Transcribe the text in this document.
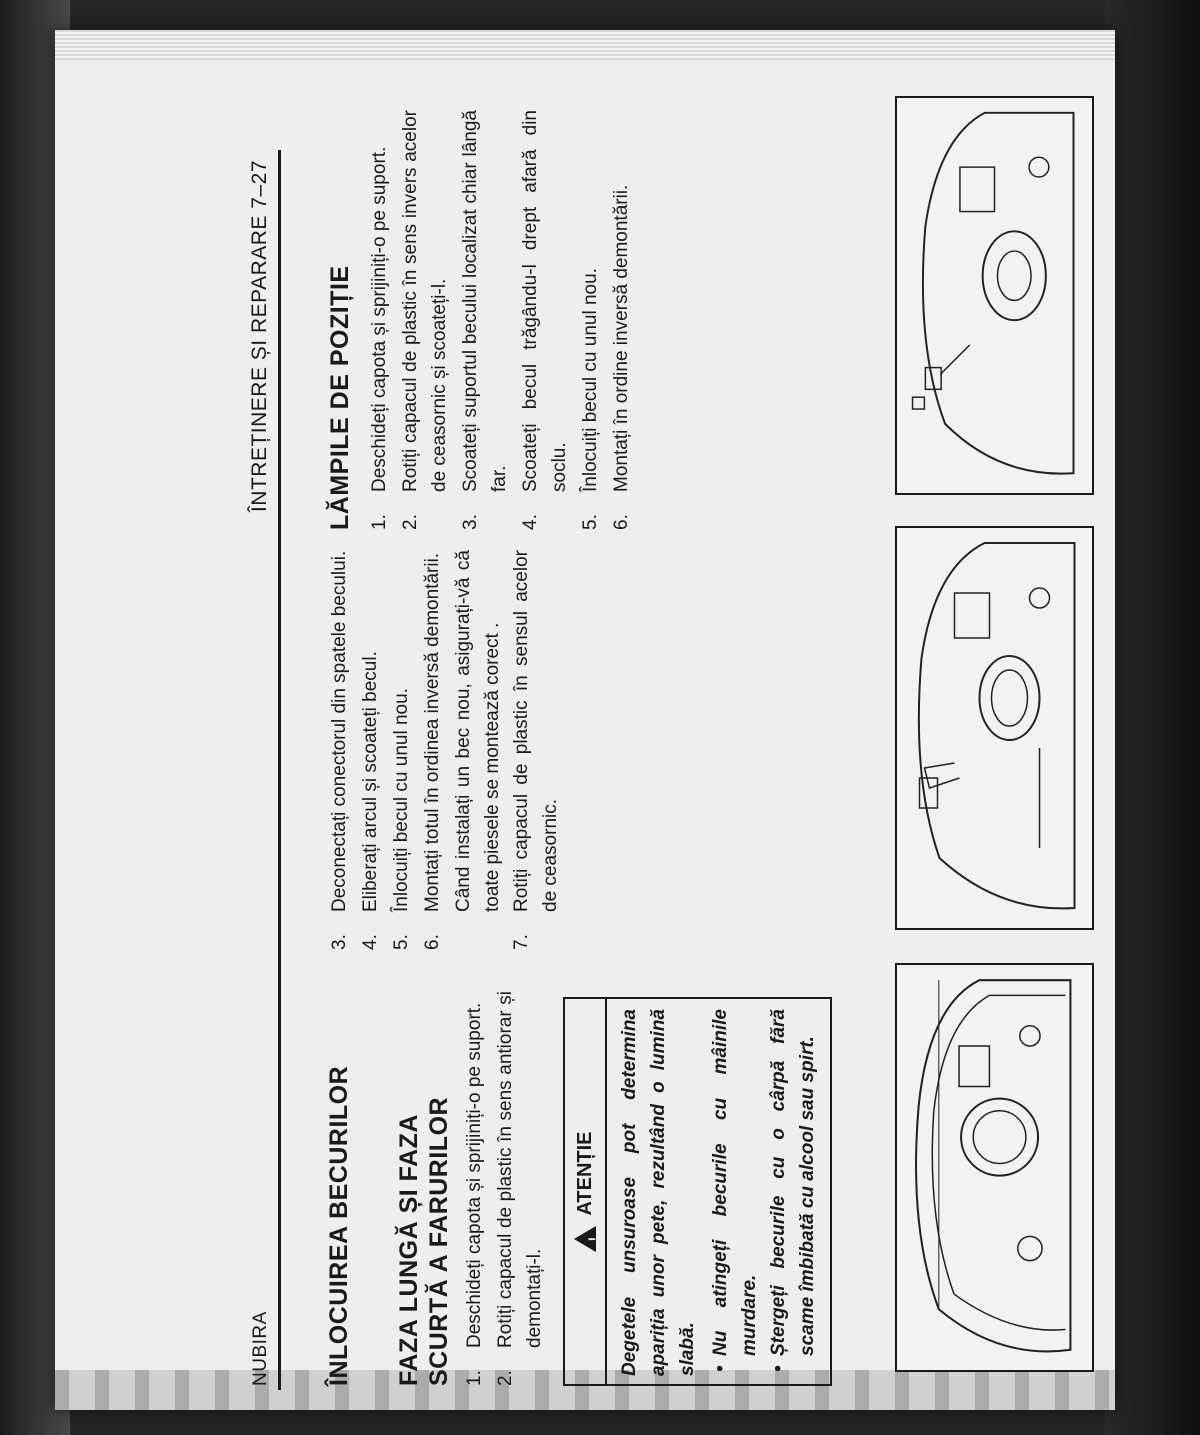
NUBIRA
ÎNTREȚINERE ȘI REPARARE 7–27
ÎNLOCUIREA BECURILOR FAZA LUNGĂ ȘI FAZA SCURTĂ A FARURILOR 1.
Deschideți capota și sprijiniți-o pe suport.
2.
Rotiți capacul de plastic în sens antiorar și demontați-l.
!
ATENȚIE Degetele unsuroase pot determina apariția unor pete, rezultând o lumină slabă. • Nu atingeți becurile cu mâinile murdare. • Ștergeți becurile cu o cârpă fără scame îmbibată cu alcool sau spirt.
3.
Deconectați conectorul din spatele becului.
4.
Eliberați arcul și scoateți becul.
5.
Înlocuiți becul cu unul nou.
6.
Montați totul în ordinea inversă demontării. Când instalați un bec nou, asigurați-vă că toate piesele se montează corect .
7.
Rotiți capacul de plastic în sensul acelor de ceasornic.
LĂMPILE DE POZIȚIE 1.
Deschideți capota și sprijiniți-o pe suport.
2.
Rotiți capacul de plastic în sens invers acelor de ceasornic și scoateți-l.
3.
Scoateți suportul becului localizat chiar lângă far.
4.
Scoateți becul trăgându-l drept afară din soclu.
5.
Înlocuiți becul cu unul nou.
6.
Montați în ordine inversă demontării.
